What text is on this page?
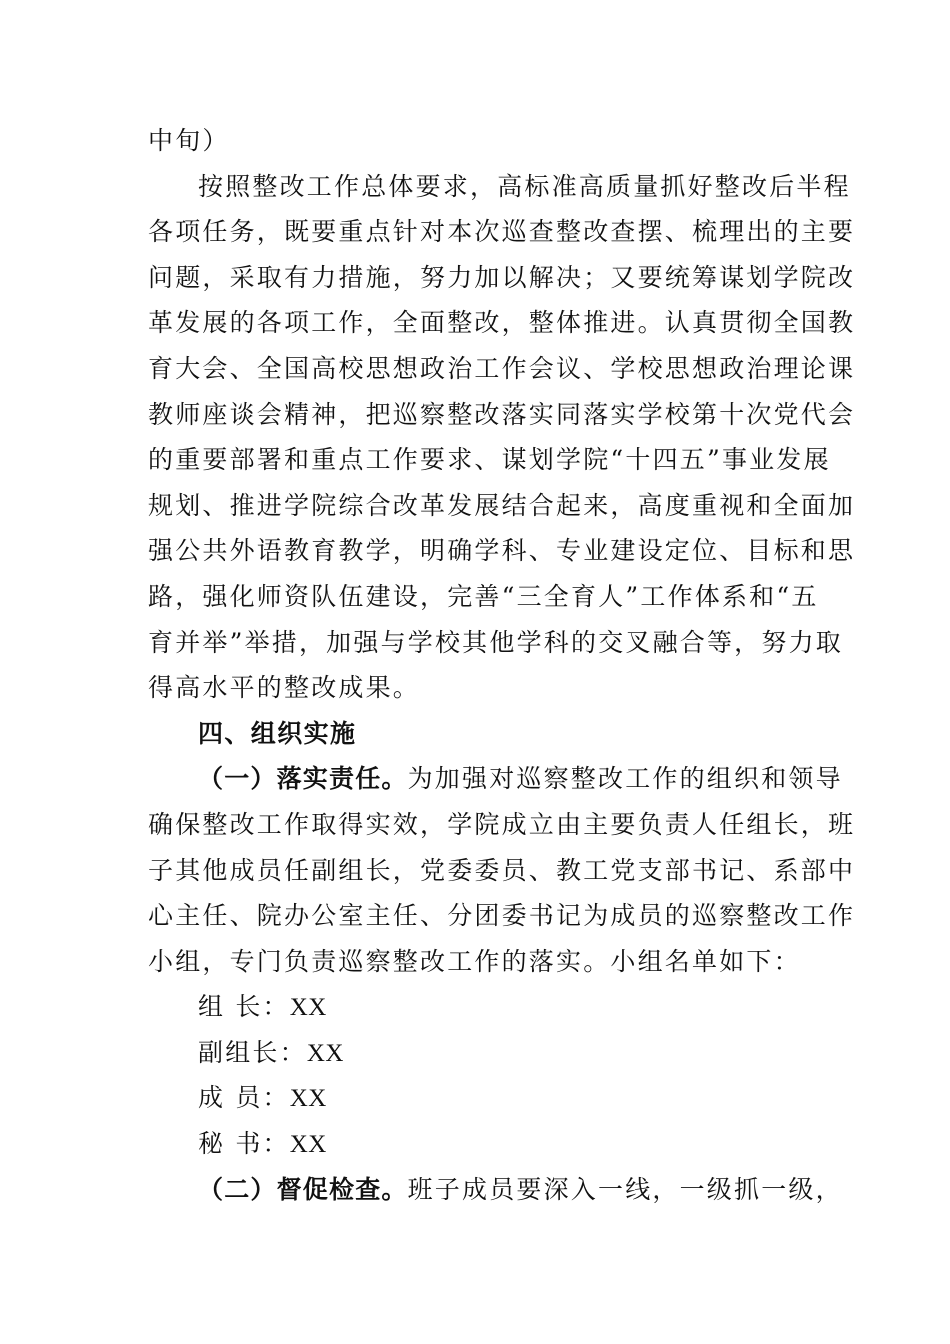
中旬）
按照整改工作总体要求，高标准高质量抓好整改后半程
各项任务，既要重点针对本次巡查整改查摆、梳理出的主要
问题，采取有力措施，努力加以解决；又要统筹谋划学院改
革发展的各项工作，全面整改，整体推进。认真贯彻全国教
育大会、全国高校思想政治工作会议、学校思想政治理论课
教师座谈会精神，把巡察整改落实同落实学校第十次党代会
的重要部署和重点工作要求、谋划学院“十四五”事业发展
规划、推进学院综合改革发展结合起来，高度重视和全面加
强公共外语教育教学，明确学科、专业建设定位、目标和思
路，强化师资队伍建设，完善“三全育人”工作体系和“五
育并举”举措，加强与学校其他学科的交叉融合等，努力取
得高水平的整改成果。
四、组织实施
（一）落实责任。为加强对巡察整改工作的组织和领导
确保整改工作取得实效，学院成立由主要负责人任组长，班
子其他成员任副组长，党委委员、教工党支部书记、系部中
心主任、院办公室主任、分团委书记为成员的巡察整改工作
小组，专门负责巡察整改工作的落实。小组名单如下：
组 长：XX
副组长：XX
成 员：XX
秘 书：XX
（二）督促检查。班子成员要深入一线，一级抓一级，
